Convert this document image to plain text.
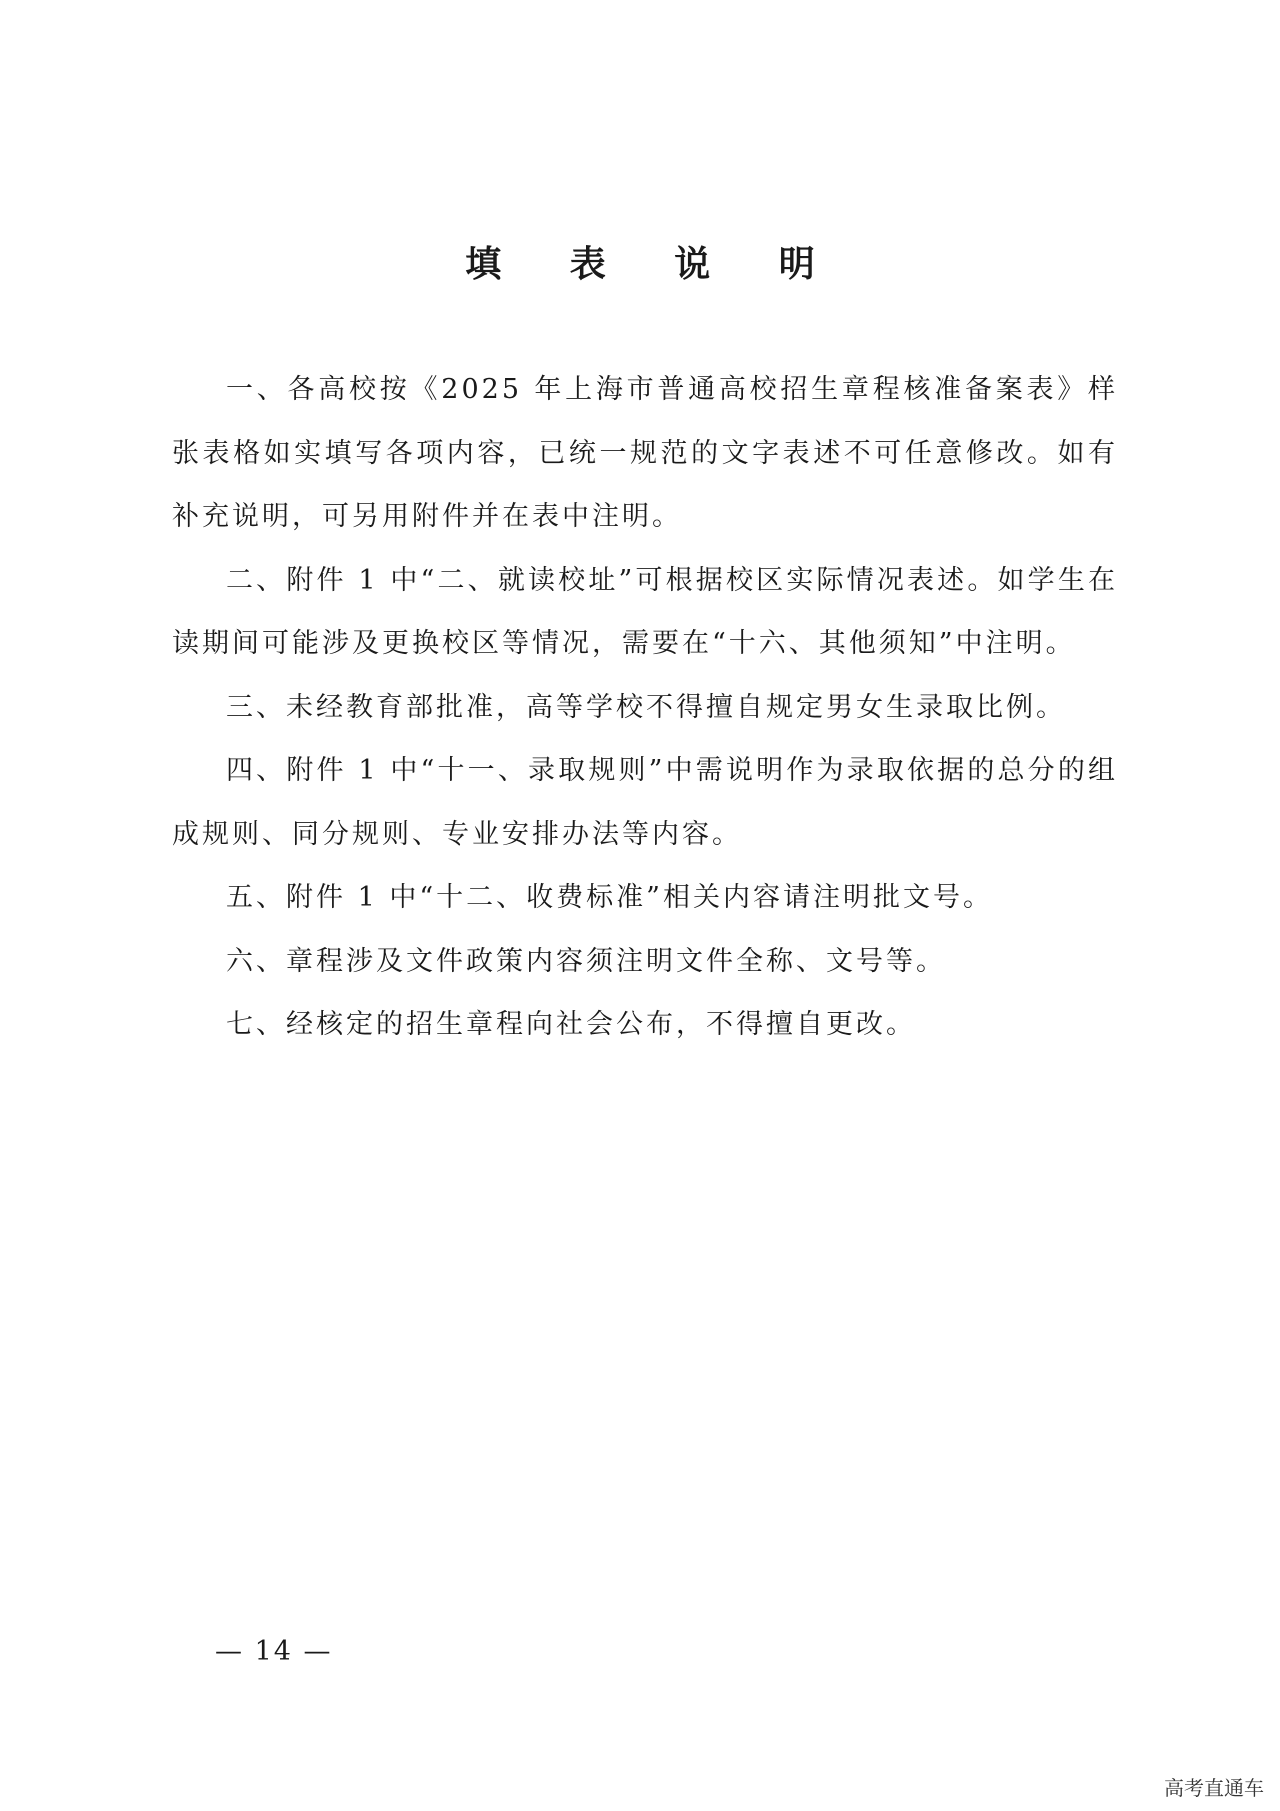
填 表 说 明

一、各高校按《2025 年上海市普通高校招生章程核准备案表》样张表格如实填写各项内容，已统一规范的文字表述不可任意修改。如有补充说明，可另用附件并在表中注明。

二、附件 1 中“二、就读校址”可根据校区实际情况表述。如学生在读期间可能涉及更换校区等情况，需要在“十六、其他须知”中注明。

三、未经教育部批准，高等学校不得擅自规定男女生录取比例。

四、附件 1 中“十一、录取规则”中需说明作为录取依据的总分的组成规则、同分规则、专业安排办法等内容。

五、附件 1 中“十二、收费标准”相关内容请注明批文号。

六、章程涉及文件政策内容须注明文件全称、文号等。

七、经核定的招生章程向社会公布，不得擅自更改。

— 14 —
高考直通车
